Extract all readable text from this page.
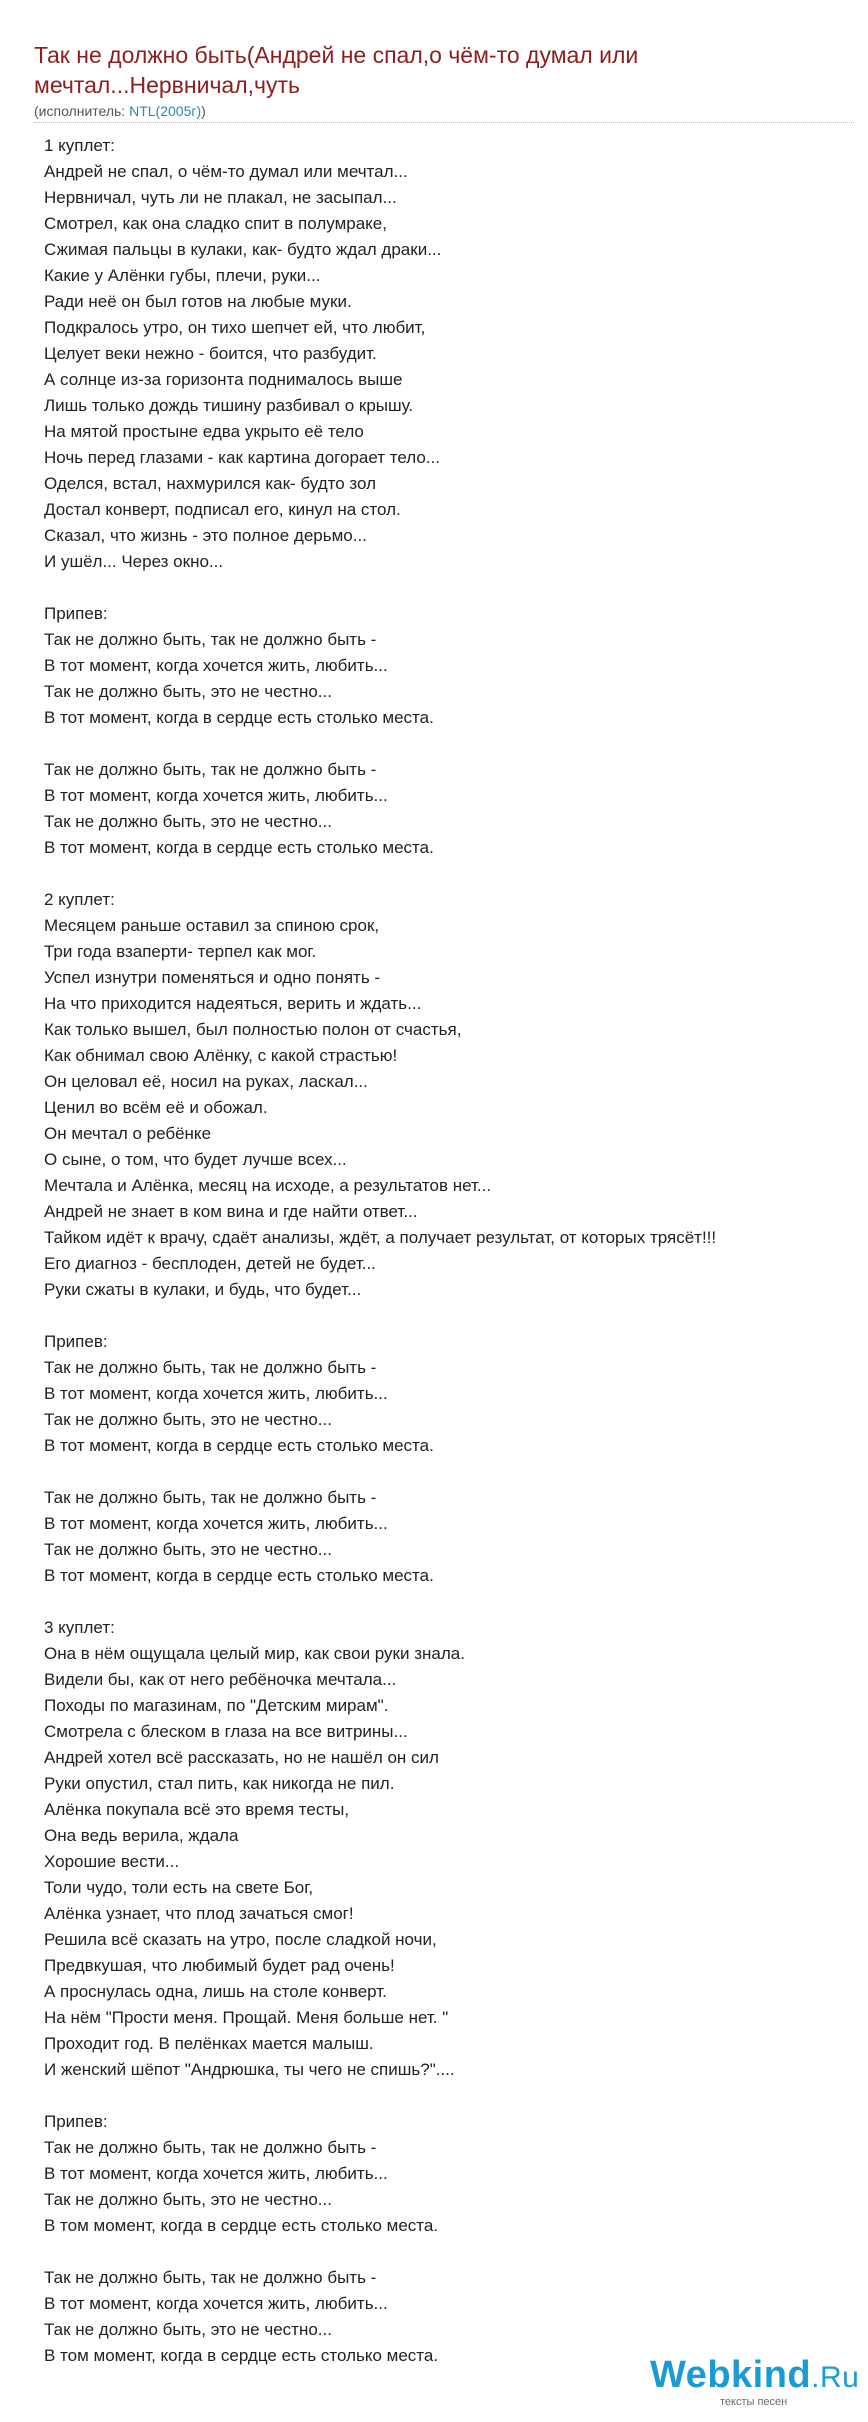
Так не должно быть(Андрей не спал,о чём-то думал или мечтал...Нервничал,чуть
(исполнитель: NTL(2005г))
1 куплет:
Андрей не спал, о чём-то думал или мечтал...
Нервничал, чуть ли не плакал, не засыпал...
Смотрел, как она сладко спит в полумраке,
Сжимая пальцы в кулаки, как- будто ждал драки...
Какие у Алёнки губы, плечи, руки...
Ради неё он был готов на любые муки.
Подкралось утро, он тихо шепчет ей, что любит,
Целует веки нежно - боится, что разбудит.
А солнце из-за горизонта поднималось выше
Лишь только дождь тишину разбивал о крышу.
На мятой простыне едва укрыто её тело
Ночь перед глазами - как картина догорает тело...
Оделся, встал, нахмурился как- будто зол
Достал конверт, подписал его, кинул на стол.
Сказал, что жизнь - это полное дерьмо...
И ушёл... Через окно...
Припев:
Так не должно быть, так не должно быть -
В тот момент, когда хочется жить, любить...
Так не должно быть, это не честно...
В тот момент, когда в сердце есть столько места.
Так не должно быть, так не должно быть -
В тот момент, когда хочется жить, любить...
Так не должно быть, это не честно...
В тот момент, когда в сердце есть столько места.
2 куплет:
Месяцем раньше оставил за спиною срок,
Три года взаперти- терпел как мог.
Успел изнутри поменяться и одно понять -
На что приходится надеяться, верить и ждать...
Как только вышел, был полностью полон от счастья,
Как обнимал свою Алёнку, с какой страстью!
Он целовал её, носил на руках, ласкал...
Ценил во всём её и обожал.
Он мечтал о ребёнке
О сыне, о том, что будет лучше всех...
Мечтала и Алёнка, месяц на исходе, а результатов нет...
Андрей не знает в ком вина и где найти ответ...
Тайком идёт к врачу, сдаёт анализы, ждёт, а получает результат, от которых трясёт!!!
Его диагноз - бесплоден, детей не будет...
Руки сжаты в кулаки, и будь, что будет...
Припев:
Так не должно быть, так не должно быть -
В тот момент, когда хочется жить, любить...
Так не должно быть, это не честно...
В тот момент, когда в сердце есть столько места.
Так не должно быть, так не должно быть -
В тот момент, когда хочется жить, любить...
Так не должно быть, это не честно...
В тот момент, когда в сердце есть столько места.
3 куплет:
Она в нём ощущала целый мир, как свои руки знала.
Видели бы, как от него ребёночка мечтала...
Походы по магазинам, по "Детским мирам".
Смотрела с блеском в глаза на все витрины...
Андрей хотел всё рассказать, но не нашёл он сил
Руки опустил, стал пить, как никогда не пил.
Алёнка покупала всё это время тесты,
Она ведь верила, ждала
Хорошие вести...
Толи чудо, толи есть на свете Бог,
Алёнка узнает, что плод зачаться смог!
Решила всё сказать на утро, после сладкой ночи,
Предвкушая, что любимый будет рад очень!
А проснулась одна, лишь на столе конверт.
На нём "Прости меня. Прощай. Меня больше нет. "
Проходит год. В пелёнках мается малыш.
И женский шёпот "Андрюшка, ты чего не спишь?"....
Припев:
Так не должно быть, так не должно быть -
В тот момент, когда хочется жить, любить...
Так не должно быть, это не честно...
В том момент, когда в сердце есть столько места.
Так не должно быть, так не должно быть -
В тот момент, когда хочется жить, любить...
Так не должно быть, это не честно...
В том момент, когда в сердце есть столько места.	Webkind.Ru
тексты песен
